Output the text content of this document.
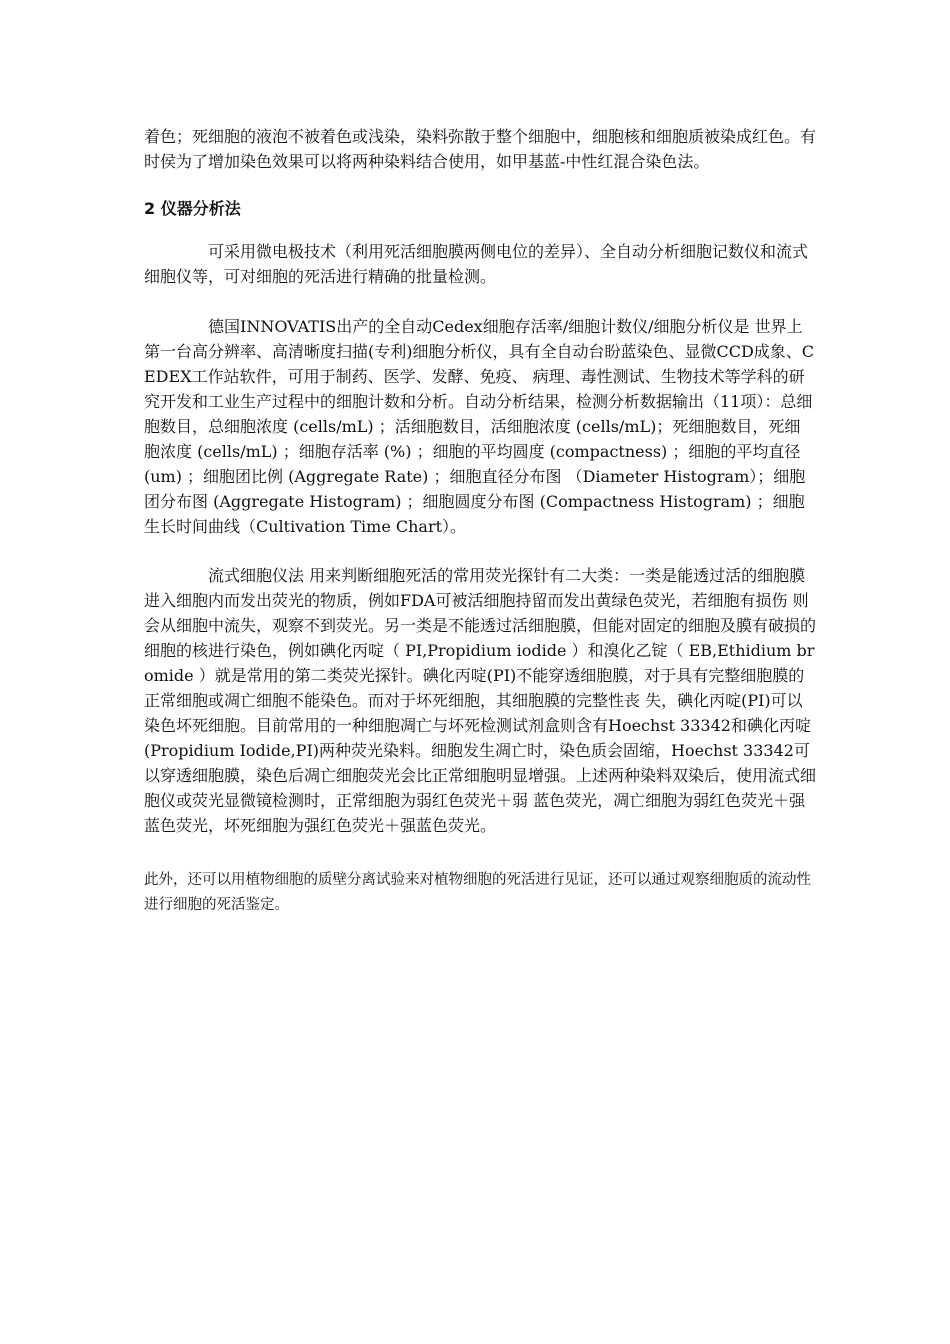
着色；死细胞的液泡不被着色或浅染，染料弥散于整个细胞中，细胞核和细胞质被染成红色。有时侯为了增加染色效果可以将两种染料结合使用，如甲基蓝-中性红混合染色法。

2 仪器分析法

可采用微电极技术（利用死活细胞膜两侧电位的差异）、全自动分析细胞记数仪和流式细胞仪等，可对细胞的死活进行精确的批量检测。

德国INNOVATIS出产的全自动Cedex细胞存活率/细胞计数仪/细胞分析仪是 世界上第一台高分辨率、高清晰度扫描(专利)细胞分析仪，具有全自动台盼蓝染色、显微CCD成象、CEDEX工作站软件，可用于制药、医学、发酵、免疫、 病理、毒性测试、生物技术等学科的研究开发和工业生产过程中的细胞计数和分析。自动分析结果，检测分析数据输出（11项）：总细胞数目，总细胞浓度 (cells/mL) ；活细胞数目，活细胞浓度 (cells/mL)；死细胞数目，死细胞浓度 (cells/mL) ；细胞存活率 (%) ；细胞的平均圆度 (compactness) ；细胞的平均直径 (um) ；细胞团比例 (Aggregate Rate) ；细胞直径分布图 （Diameter Histogram）；细胞团分布图 (Aggregate Histogram) ；细胞圆度分布图 (Compactness Histogram) ；细胞生长时间曲线（Cultivation Time Chart）。

流式细胞仪法 用来判断细胞死活的常用荧光探针有二大类：一类是能透过活的细胞膜进入细胞内而发出荧光的物质，例如FDA可被活细胞持留而发出黄绿色荧光，若细胞有损伤 则会从细胞中流失，观察不到荧光。另一类是不能透过活细胞膜，但能对固定的细胞及膜有破损的细胞的核进行染色，例如碘化丙啶（ PI,Propidium iodide ）和溴化乙锭（ EB,Ethidium bromide ）就是常用的第二类荧光探针。碘化丙啶(PI)不能穿透细胞膜，对于具有完整细胞膜的正常细胞或凋亡细胞不能染色。而对于坏死细胞，其细胞膜的完整性丧 失，碘化丙啶(PI)可以染色坏死细胞。目前常用的一种细胞凋亡与坏死检测试剂盒则含有Hoechst 33342和碘化丙啶(Propidium Iodide,PI)两种荧光染料。细胞发生凋亡时，染色质会固缩，Hoechst 33342可以穿透细胞膜，染色后凋亡细胞荧光会比正常细胞明显增强。上述两种染料双染后，使用流式细胞仪或荧光显微镜检测时，正常细胞为弱红色荧光＋弱 蓝色荧光，凋亡细胞为弱红色荧光＋强蓝色荧光，坏死细胞为强红色荧光＋强蓝色荧光。

此外，还可以用植物细胞的质壁分离试验来对植物细胞的死活进行见证，还可以通过观察细胞质的流动性进行细胞的死活鉴定。
